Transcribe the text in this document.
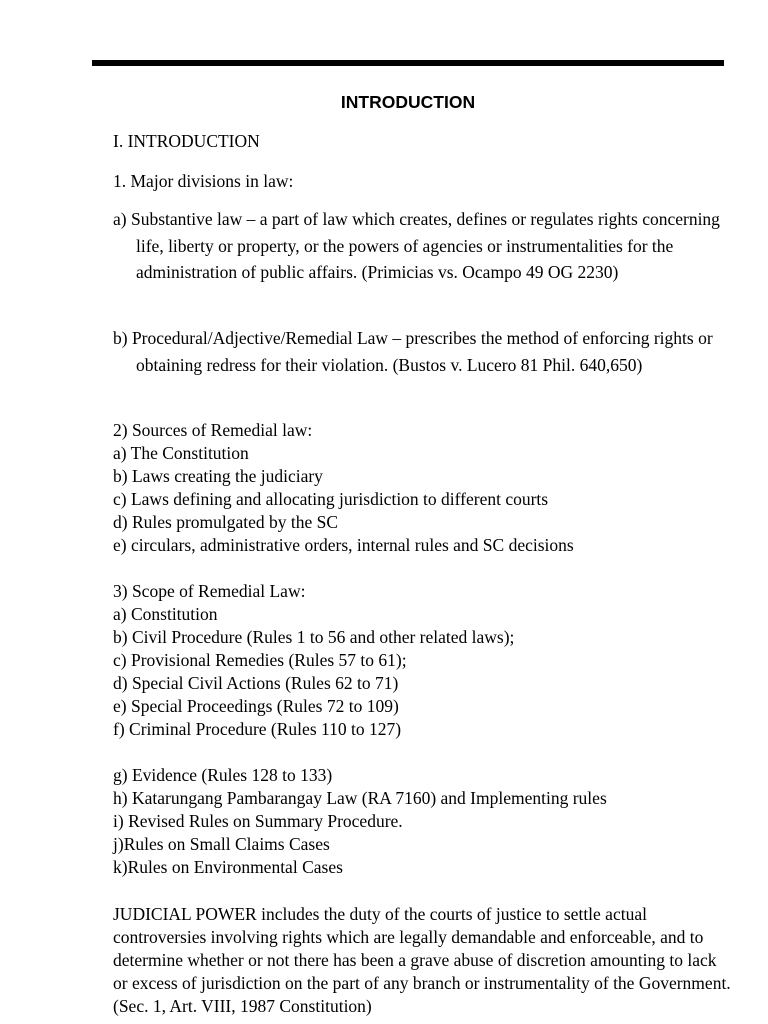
INTRODUCTION

I. INTRODUCTION

1. Major divisions in law:

a) Substantive law – a part of law which creates, defines or regulates rights concerning life, liberty or property, or the powers of agencies or instrumentalities for the administration of public affairs. (Primicias vs. Ocampo 49 OG 2230)

b) Procedural/Adjective/Remedial Law – prescribes the method of enforcing rights or obtaining redress for their violation. (Bustos v. Lucero 81 Phil. 640,650)

2) Sources of Remedial law:
a) The Constitution
b) Laws creating the judiciary
c) Laws defining and allocating jurisdiction to different courts
d) Rules promulgated by the SC
e) circulars, administrative orders, internal rules and SC decisions
3) Scope of Remedial Law:
a) Constitution
b) Civil Procedure (Rules 1 to 56 and other related laws);
c) Provisional Remedies (Rules 57 to 61);
d) Special Civil Actions (Rules 62 to 71)
e) Special Proceedings (Rules 72 to 109)
f) Criminal Procedure (Rules 110 to 127)
g) Evidence (Rules 128 to 133)
h) Katarungang Pambarangay Law (RA 7160) and Implementing rules
i) Revised Rules on Summary Procedure.
j)Rules on Small Claims Cases
k)Rules on Environmental Cases

JUDICIAL POWER includes the duty of the courts of justice to settle actual controversies involving rights which are legally demandable and enforceable, and to determine whether or not there has been a grave abuse of discretion amounting to lack or excess of jurisdiction on the part of any branch or instrumentality of the Government. (Sec. 1, Art. VIII, 1987 Constitution)
